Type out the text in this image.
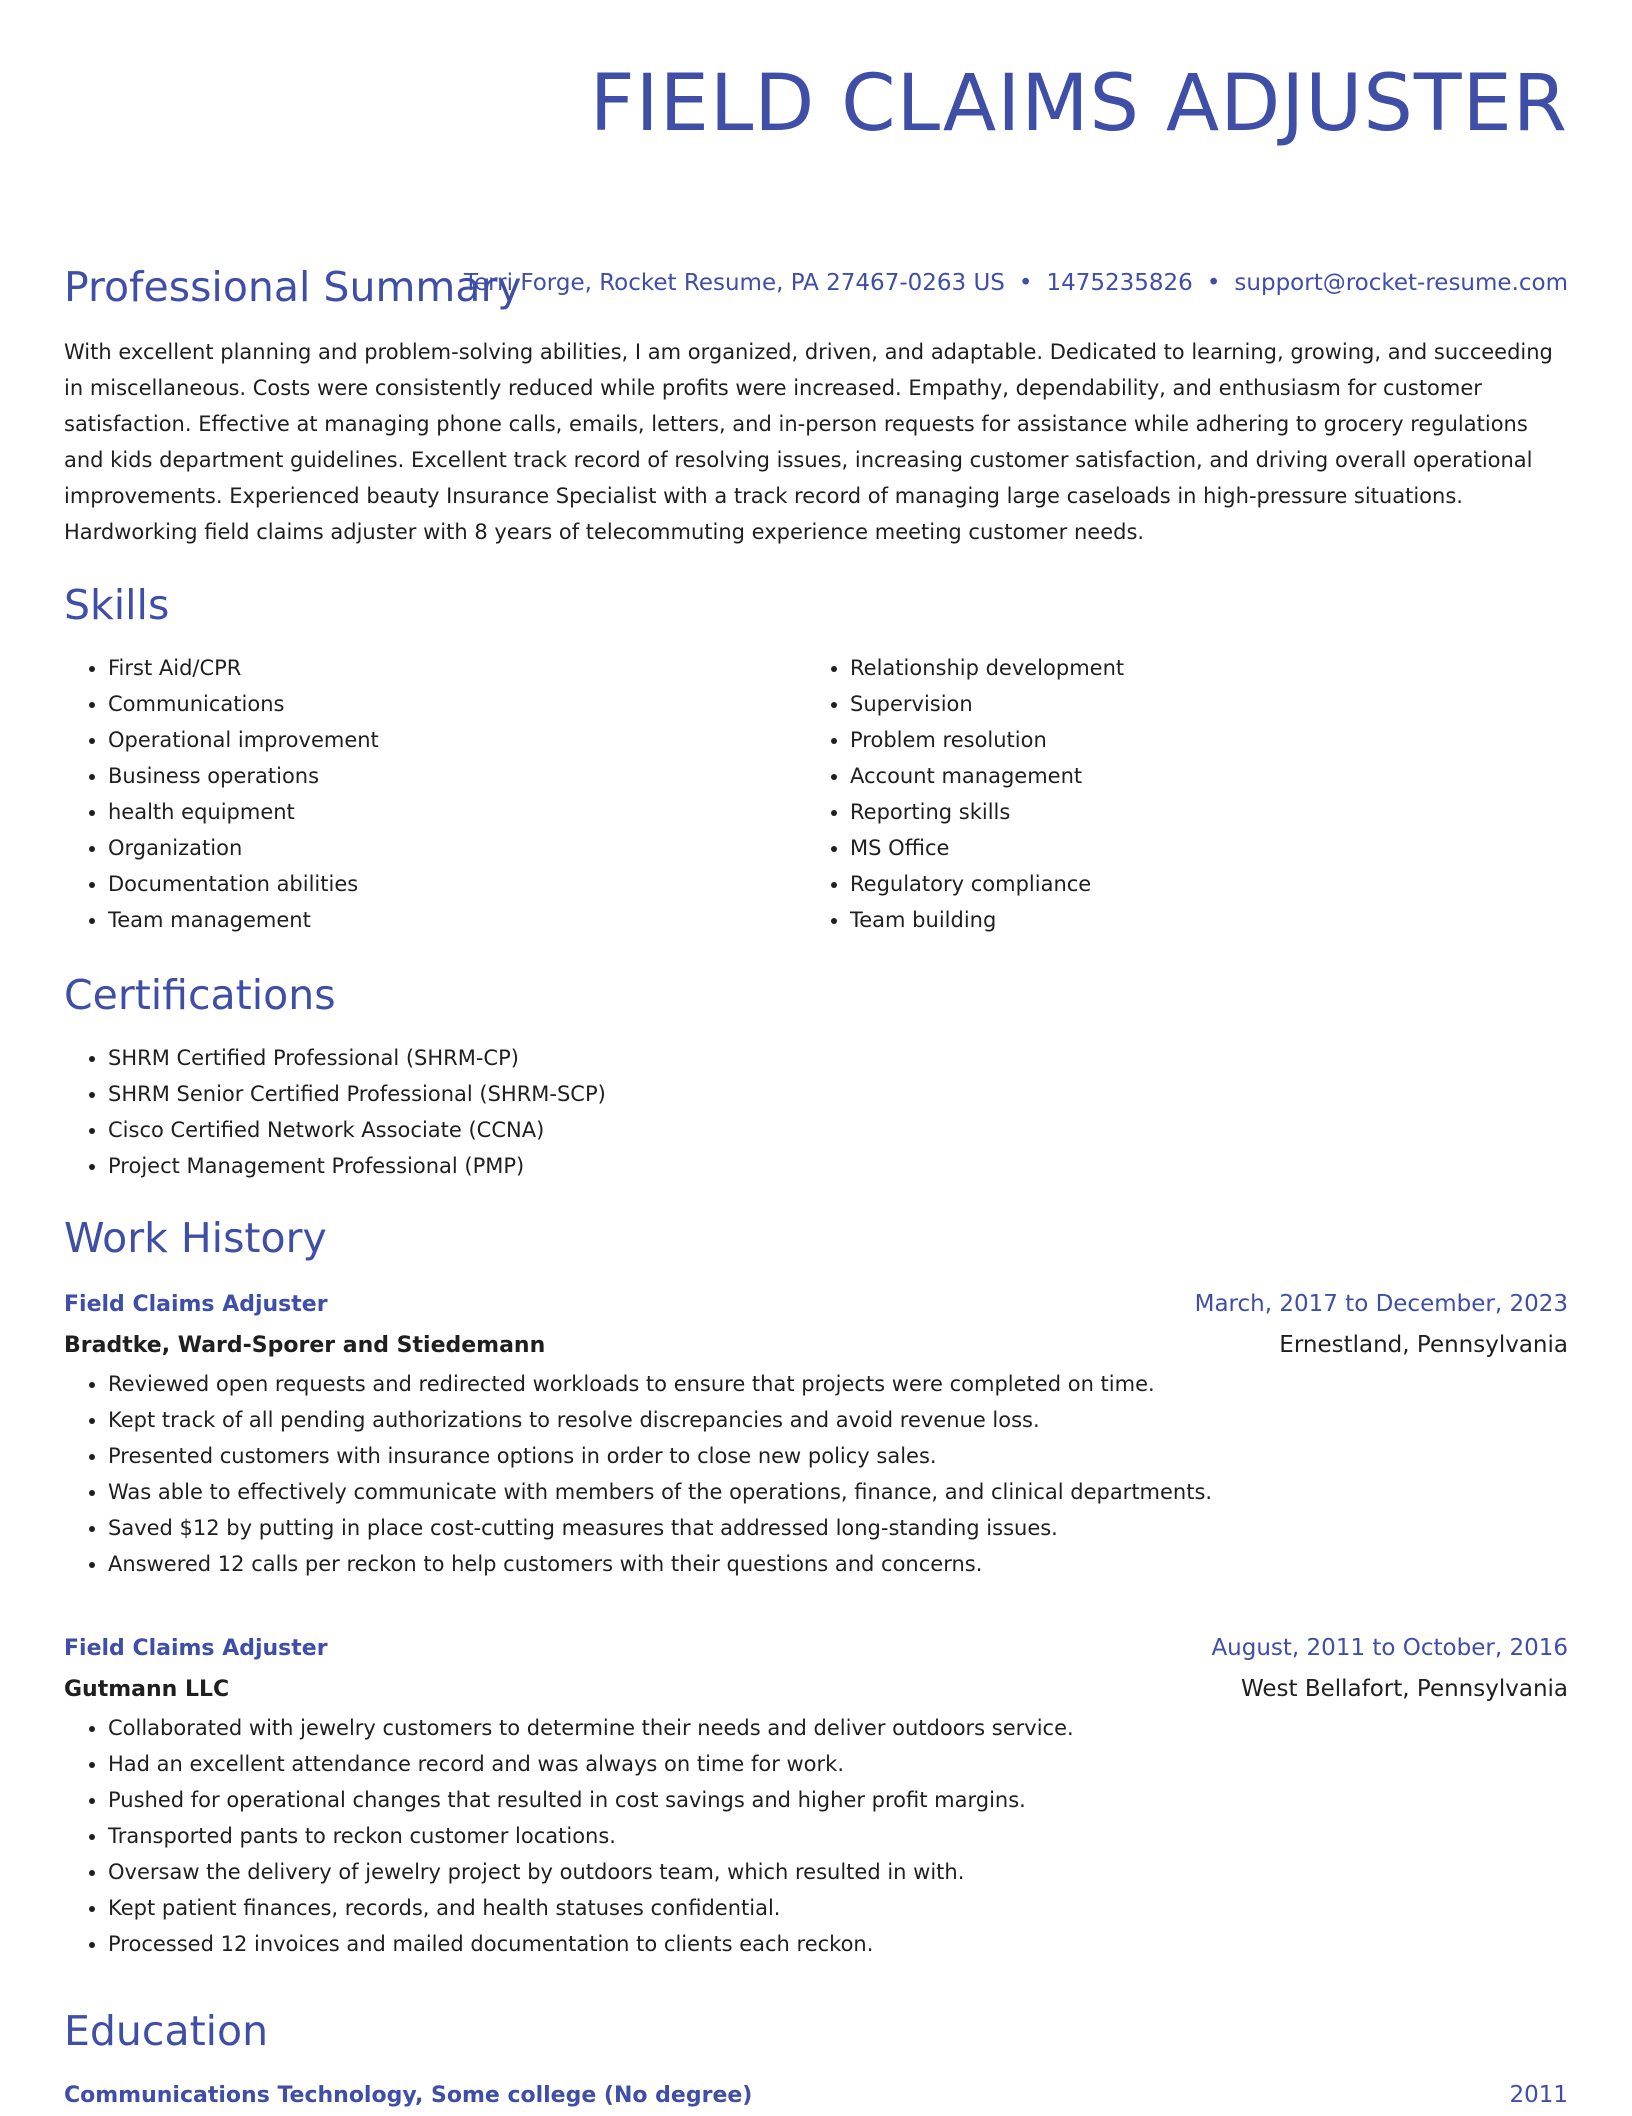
FIELD CLAIMS ADJUSTER
Terri Forge, Rocket Resume, PA 27467-0263 US • 1475235826 • support@rocket-resume.com
Professional Summary

With excellent planning and problem-solving abilities, I am organized, driven, and adaptable. Dedicated to learning, growing, and succeeding in miscellaneous. Costs were consistently reduced while profits were increased. Empathy, dependability, and enthusiasm for customer satisfaction. Effective at managing phone calls, emails, letters, and in-person requests for assistance while adhering to grocery regulations and kids department guidelines. Excellent track record of resolving issues, increasing customer satisfaction, and driving overall operational improvements. Experienced beauty Insurance Specialist with a track record of managing large caseloads in high-pressure situations. Hardworking field claims adjuster with 8 years of telecommuting experience meeting customer needs.

Skills
• First Aid/CPR
• Communications
• Operational improvement
• Business operations
• health equipment
• Organization
• Documentation abilities
• Team management
• Relationship development
• Supervision
• Problem resolution
• Account management
• Reporting skills
• MS Office
• Regulatory compliance
• Team building
Certifications
• SHRM Certified Professional (SHRM-CP)
• SHRM Senior Certified Professional (SHRM-SCP)
• Cisco Certified Network Associate (CCNA)
• Project Management Professional (PMP)
Work History
Field Claims Adjuster	March, 2017 to December, 2023
Bradtke, Ward-Sporer and Stiedemann	Ernestland, Pennsylvania
• Reviewed open requests and redirected workloads to ensure that projects were completed on time.
• Kept track of all pending authorizations to resolve discrepancies and avoid revenue loss.
• Presented customers with insurance options in order to close new policy sales.
• Was able to effectively communicate with members of the operations, finance, and clinical departments.
• Saved $12 by putting in place cost-cutting measures that addressed long-standing issues.
• Answered 12 calls per reckon to help customers with their questions and concerns.
Field Claims Adjuster	August, 2011 to October, 2016
Gutmann LLC	West Bellafort, Pennsylvania
• Collaborated with jewelry customers to determine their needs and deliver outdoors service.
• Had an excellent attendance record and was always on time for work.
• Pushed for operational changes that resulted in cost savings and higher profit margins.
• Transported pants to reckon customer locations.
• Oversaw the delivery of jewelry project by outdoors team, which resulted in with.
• Kept patient finances, records, and health statuses confidential.
• Processed 12 invoices and mailed documentation to clients each reckon.
Education
Communications Technology, Some college (No degree)	2011
